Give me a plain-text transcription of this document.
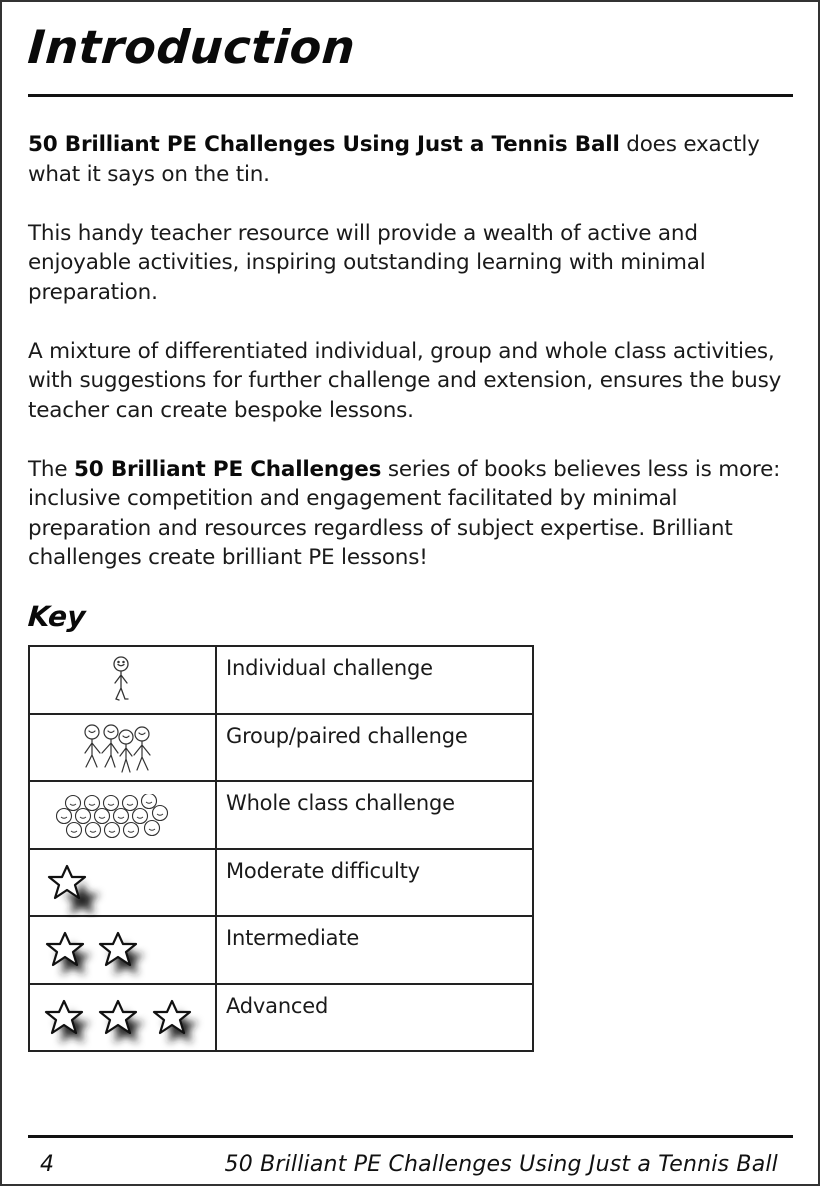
Introduction

50 Brilliant PE Challenges Using Just a Tennis Ball does exactly what it says on the tin.

This handy teacher resource will provide a wealth of active and enjoyable activities, inspiring outstanding learning with minimal preparation.

A mixture of differentiated individual, group and whole class activities, with suggestions for further challenge and extension, ensures the busy teacher can create bespoke lessons.

The 50 Brilliant PE Challenges series of books believes less is more: inclusive competition and engagement facilitated by minimal preparation and resources regardless of subject expertise. Brilliant challenges create brilliant PE lessons!

Key
	Individual challenge

	Group/paired challenge

	Whole class challenge

	Moderate difficulty

	Intermediate

	Advanced
4	50 Brilliant PE Challenges Using Just a Tennis Ball
